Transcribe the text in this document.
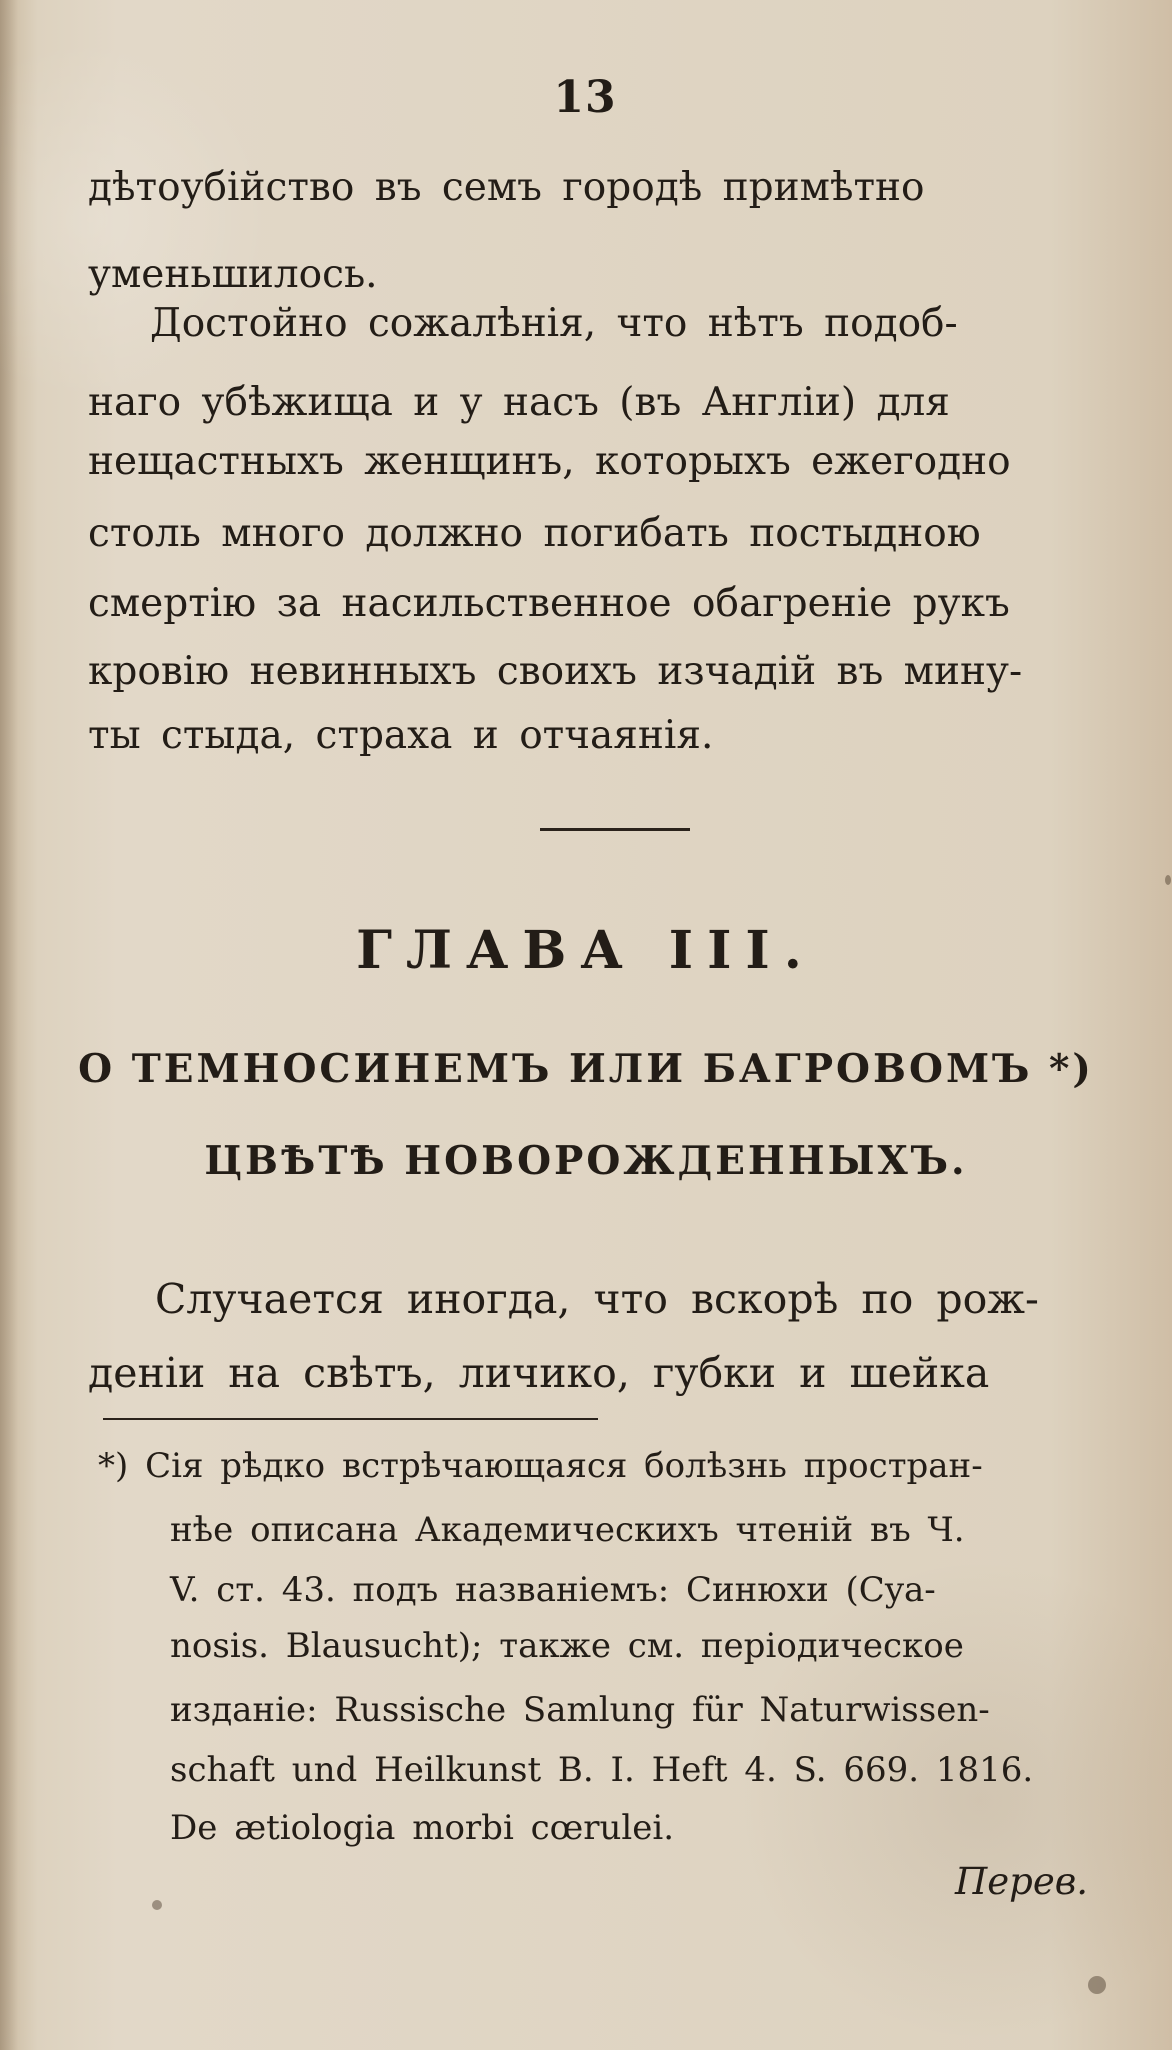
13
дѣтоубійство въ семъ городѣ примѣтно
уменьшилось.
Достойно сожалѣнія, что нѣтъ подоб-
наго убѣжища и у насъ (въ Англіи) для
нещастныхъ женщинъ, которыхъ ежегодно
столь много должно погибать постыдною
смертію за насильственное обагреніе рукъ
кровію невинныхъ своихъ изчадій въ мину-
ты стыда, страха и отчаянія.
ГЛАВА III.
О ТЕМНОСИНЕМЪ ИЛИ БАГРОВОМЪ *)
ЦВѢТѢ НОВОРОЖДЕННЫХЪ.
Случается иногда, что вскорѣ по рож-
деніи на свѣтъ, личико, губки и шейка
*) Сія рѣдко встрѣчающаяся болѣзнь простран-
нѣе описана Академическихъ чтеній въ Ч.
V. ст. 43. подъ названіемъ: Синюхи (Cya-
nosis. Blausucht); также см. періодическое
изданіе: Russische Samlung für Naturwissen-
schaft und Heilkunst B. I. Heft 4. S. 669. 1816.
De ætiologia morbi cœrulei.
Перев.
